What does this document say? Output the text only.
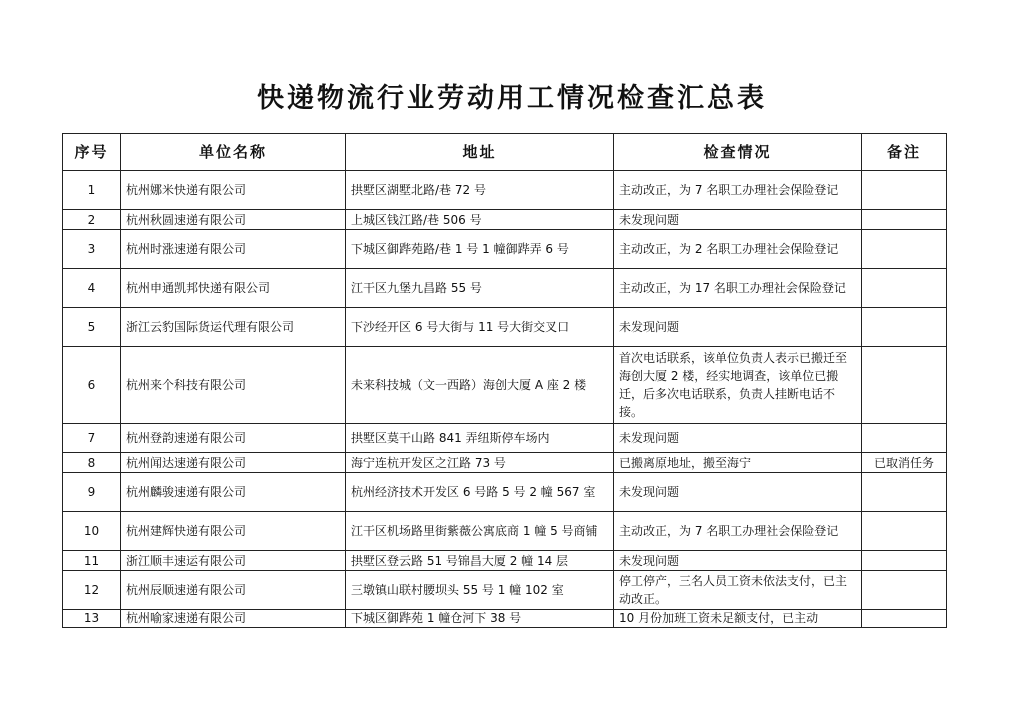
快递物流行业劳动用工情况检查汇总表
序号	单位名称	地址	检查情况	备注
1	杭州娜米快递有限公司	拱墅区湖墅北路/巷 72 号	主动改正，为 7 名职工办理社会保险登记	
2	杭州秋圆速递有限公司	上城区钱江路/巷 506 号	未发现问题	
3	杭州时涨速递有限公司	下城区御跸苑路/巷 1 号 1 幢御跸弄 6 号	主动改正，为 2 名职工办理社会保险登记	
4	杭州申通凯邦快递有限公司	江干区九堡九昌路 55 号	主动改正，为 17 名职工办理社会保险登记	
5	浙江云豹国际货运代理有限公司	下沙经开区 6 号大街与 11 号大街交叉口	未发现问题	
6	杭州来个科技有限公司	未来科技城（文一西路）海创大厦 A 座 2 楼	首次电话联系，该单位负责人表示已搬迁至海创大厦 2 楼，经实地调查，该单位已搬迁，后多次电话联系，负责人挂断电话不接。	
7	杭州登韵速递有限公司	拱墅区莫干山路 841 弄纽斯停车场内	未发现问题	
8	杭州闻达速递有限公司	海宁连杭开发区之江路 73 号	已搬离原地址，搬至海宁	已取消任务
9	杭州麟骏速递有限公司	杭州经济技术开发区 6 号路 5 号 2 幢 567 室	未发现问题	
10	杭州建辉快递有限公司	江干区机场路里街紫薇公寓底商 1 幢 5 号商铺	主动改正，为 7 名职工办理社会保险登记	
11	浙江顺丰速运有限公司	拱墅区登云路 51 号锦昌大厦 2 幢 14 层	未发现问题	
12	杭州辰顺速递有限公司	三墩镇山联村腰坝头 55 号 1 幢 102 室	停工停产，三名人员工资未依法支付，已主动改正。	
13	杭州喻家速递有限公司	下城区御跸苑 1 幢仓河下 38 号	10 月份加班工资未足额支付，已主动	
